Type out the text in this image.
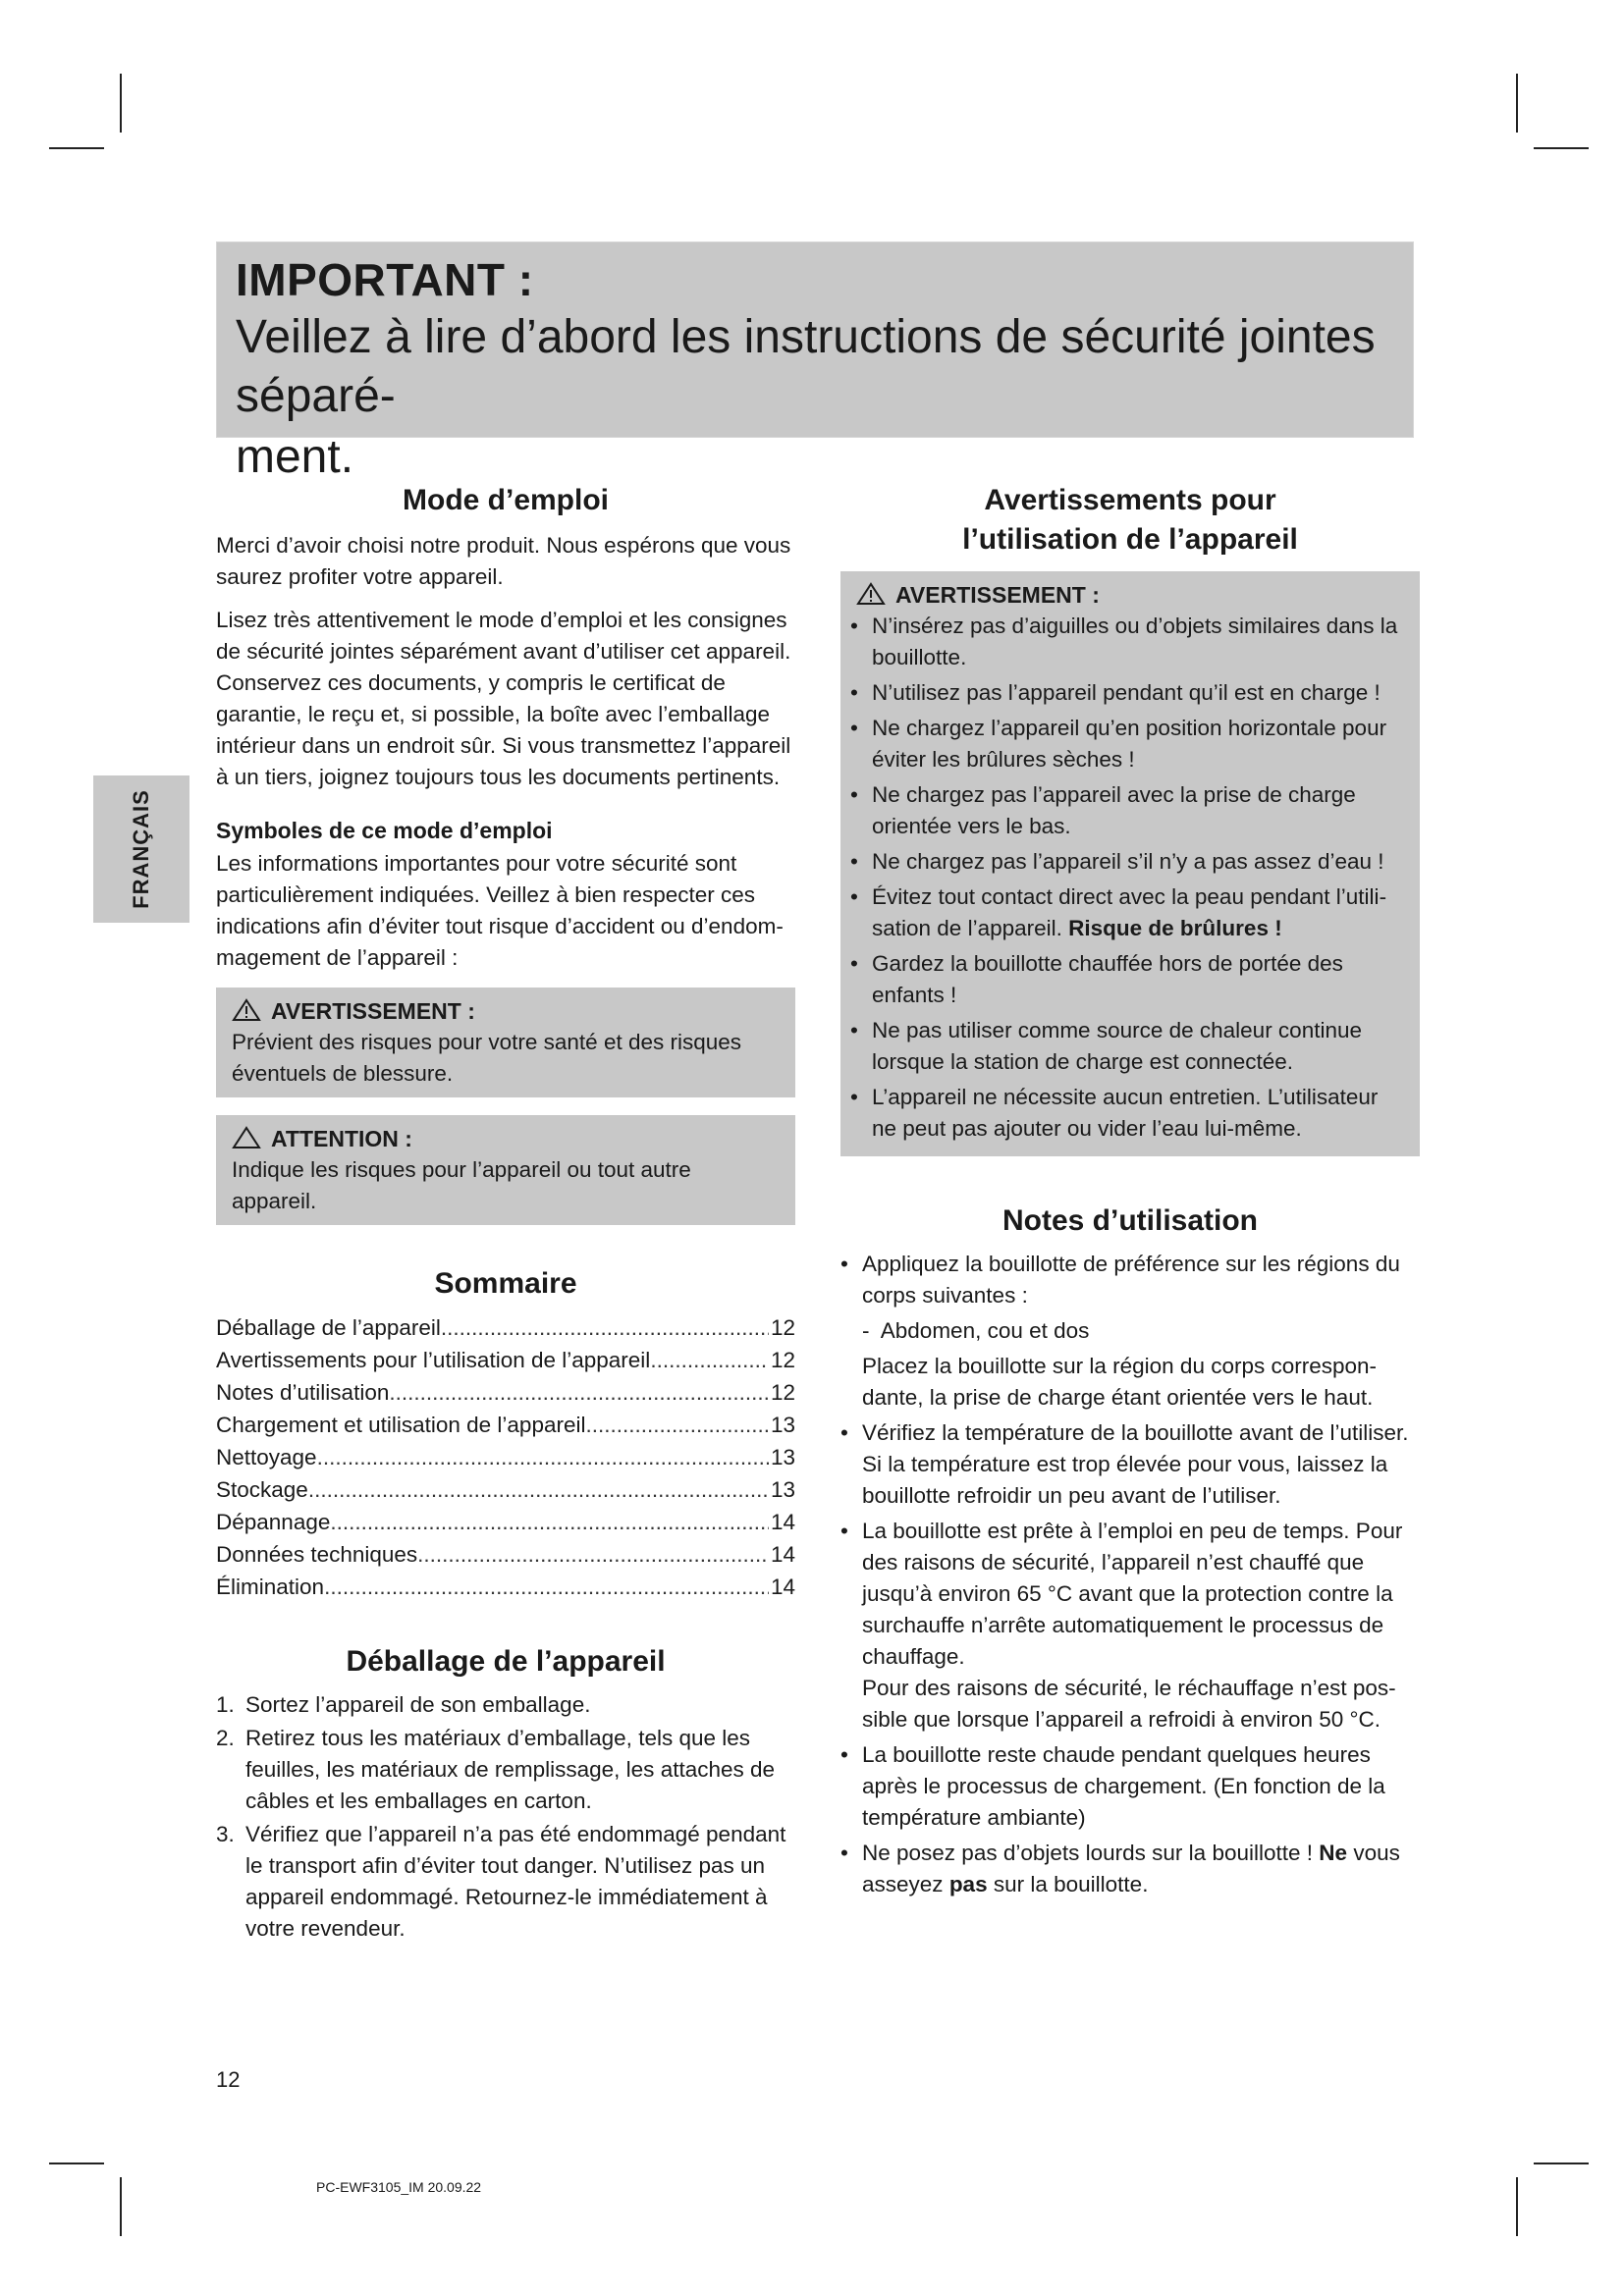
IMPORTANT :
Veillez à lire d’abord les instructions de sécurité jointes séparé-
ment.
FRANÇAIS
Mode d’emploi

Merci d’avoir choisi notre produit. Nous espérons que vous saurez profiter votre appareil.

Lisez très attentivement le mode d’emploi et les consignes de sécurité jointes séparément avant d’utiliser cet appareil. Conservez ces documents, y compris le certificat de garantie, le reçu et, si possible, la boîte avec l’emballage intérieur dans un endroit sûr. Si vous transmettez l’appareil à un tiers, joignez toujours tous les documents pertinents.

Symboles de ce mode d’emploi

Les informations importantes pour votre sécurité sont particulièrement indiquées. Veillez à bien respecter ces indications afin d’éviter tout risque d’accident ou d’endommagement de l’appareil :

AVERTISSEMENT :

Prévient des risques pour votre santé et des risques éventuels de blessure.

ATTENTION :

Indique les risques pour l’appareil ou tout autre appareil.

Sommaire
Déballage de l’appareil .....	12
Avertissements pour l’utilisation de l’appareil .....	12
Notes d’utilisation .....	12
Chargement et utilisation de l’appareil .....	13
Nettoyage .....	13
Stockage .....	13
Dépannage .....	14
Données techniques .....	14
Élimination .....	14
Déballage de l’appareil
1. Sortez l’appareil de son emballage.
2. Retirez tous les matériaux d’emballage, tels que les feuilles, les matériaux de remplissage, les attaches de câbles et les emballages en carton.
3. Vérifiez que l’appareil n’a pas été endommagé pendant le transport afin d’éviter tout danger. N’utilisez pas un appareil endommagé. Retournez-le immédiatement à votre revendeur.
Avertissements pour
l’utilisation de l’appareil
AVERTISSEMENT :
• N’insérez pas d’aiguilles ou d’objets similaires dans la bouillotte.
• N’utilisez pas l’appareil pendant qu’il est en charge !
• Ne chargez l’appareil qu’en position horizontale pour éviter les brûlures sèches !
• Ne chargez pas l’appareil avec la prise de charge orientée vers le bas.
• Ne chargez pas l’appareil s’il n’y a pas assez d’eau !
• Évitez tout contact direct avec la peau pendant l’utilisation de l’appareil. Risque de brûlures !
• Gardez la bouillotte chauffée hors de portée des enfants !
• Ne pas utiliser comme source de chaleur continue lorsque la station de charge est connectée.
• L’appareil ne nécessite aucun entretien. L’utilisateur ne peut pas ajouter ou vider l’eau lui-même.
Notes d’utilisation
• Appliquez la bouillotte de préférence sur les régions du corps suivantes :
- Abdomen, cou et dos
Placez la bouillotte sur la région du corps correspondante, la prise de charge étant orientée vers le haut.
• Vérifiez la température de la bouillotte avant de l’utiliser. Si la température est trop élevée pour vous, laissez la bouillotte refroidir un peu avant de l’utiliser.
• La bouillotte est prête à l’emploi en peu de temps. Pour des raisons de sécurité, l’appareil n’est chauffé que jusqu’à environ 65 °C avant que la protection contre la surchauffe n’arrête automatiquement le processus de chauffage.
Pour des raisons de sécurité, le réchauffage n’est possible que lorsque l’appareil a refroidi à environ 50 °C.
• La bouillotte reste chaude pendant quelques heures après le processus de chargement. (En fonction de la température ambiante)
• Ne posez pas d’objets lourds sur la bouillotte ! Ne vous asseyez pas sur la bouillotte.
12
PC-EWF3105_IM 20.09.22
